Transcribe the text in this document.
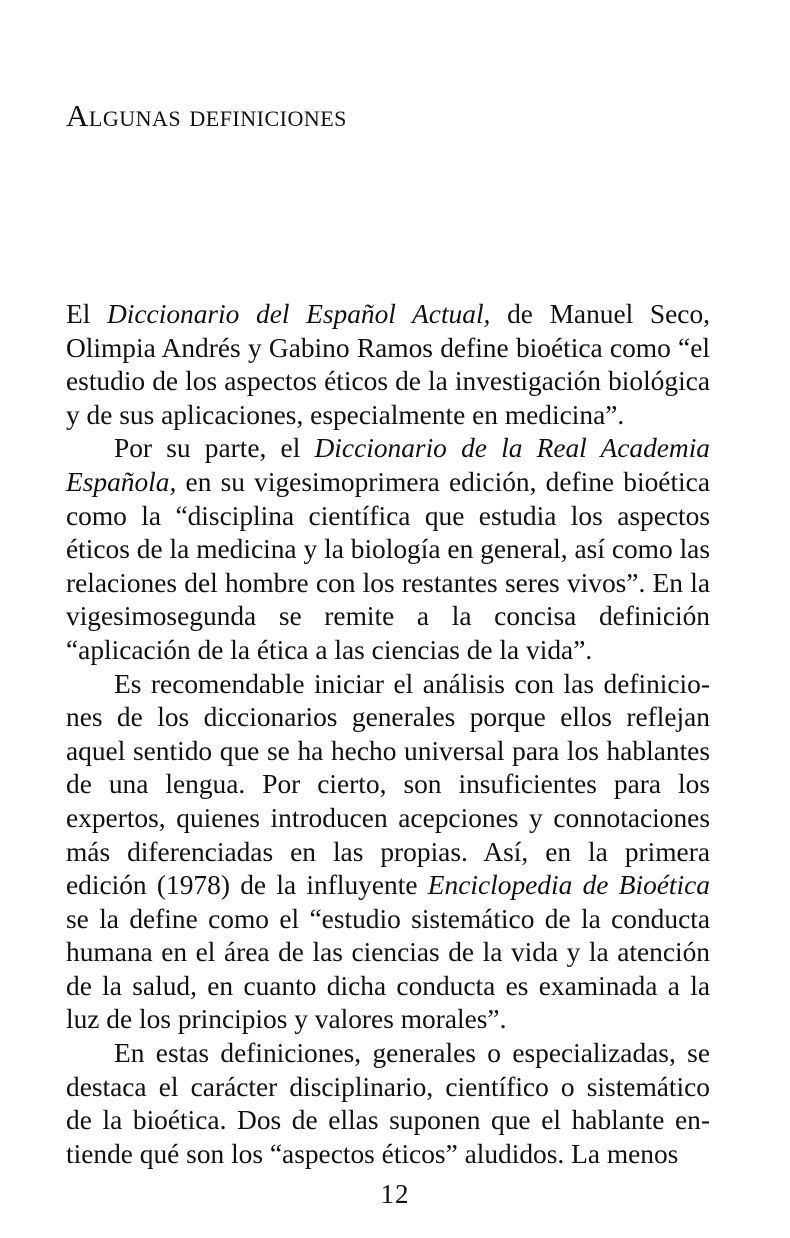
Algunas definiciones

El Diccionario del Español Actual, de Manuel Seco, Olimpia Andrés y Gabino Ramos define bioética como “el estudio de los aspectos éticos de la investigación biológica y de sus aplicaciones, especialmente en medicina”.

Por su parte, el Diccionario de la Real Academia Española, en su vigesimoprimera edición, define bioética como la “disciplina científica que estudia los aspectos éticos de la medicina y la biología en general, así como las relaciones del hombre con los restantes seres vivos”. En la vigesimosegunda se remite a la concisa definición “aplicación de la ética a las ciencias de la vida”.

Es recomendable iniciar el análisis con las definiciones de los diccionarios generales porque ellos reflejan aquel sentido que se ha hecho universal para los hablantes de una lengua. Por cierto, son insuficientes para los expertos, quienes introducen acepciones y connotaciones más diferenciadas en las propias. Así, en la primera edición (1978) de la influyente Enciclopedia de Bioética se la define como el “estudio sistemático de la conducta humana en el área de las ciencias de la vida y la atención de la salud, en cuanto dicha conducta es examinada a la luz de los principios y valores morales”.

En estas definiciones, generales o especializadas, se destaca el carácter disciplinario, científico o sistemático de la bioética. Dos de ellas suponen que el hablante entiende qué son los “aspectos éticos” aludidos. La menos

12
